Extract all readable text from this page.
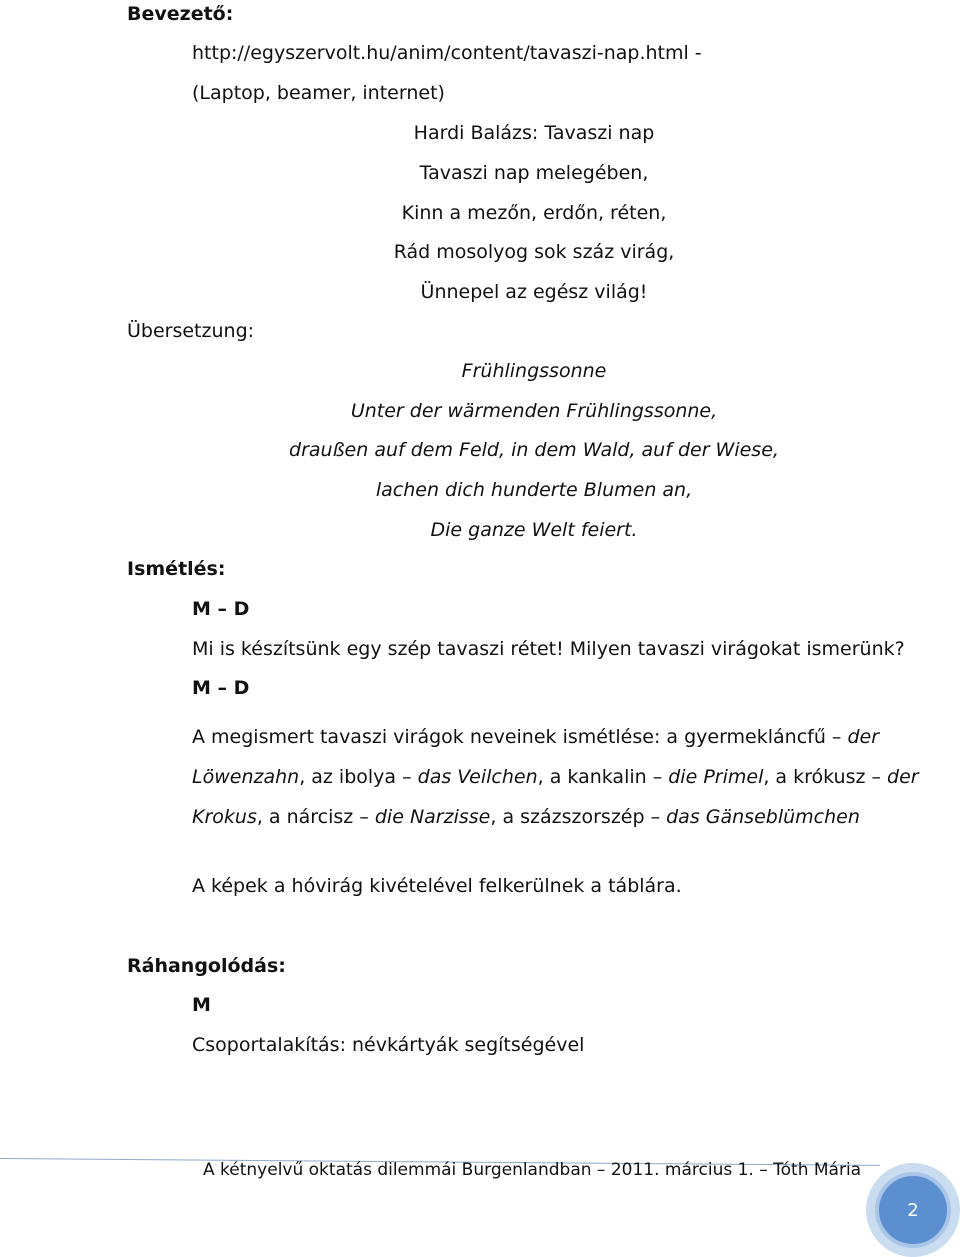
Bevezető:
http://egyszervolt.hu/anim/content/tavaszi-nap.html -
(Laptop, beamer, internet)
Hardi Balázs: Tavaszi nap
Tavaszi nap melegében,
Kinn a mezőn, erdőn, réten,
Rád mosolyog sok száz virág,
Ünnepel az egész világ!
Übersetzung:
Frühlingssonne
Unter der wärmenden Frühlingssonne,
draußen auf dem Feld, in dem Wald, auf der Wiese,
lachen dich hunderte Blumen an,
Die ganze Welt feiert.
Ismétlés:
M – D
Mi is készítsünk egy szép tavaszi rétet! Milyen tavaszi virágokat ismerünk?
M – D
A megismert tavaszi virágok neveinek ismétlése: a gyermekláncfű – der Löwenzahn, az ibolya – das Veilchen, a kankalin – die Primel, a krókusz – der Krokus, a nárcisz – die Narzisse, a százszorszép – das Gänseblümchen
A képek a hóvirág kivételével felkerülnek a táblára.
Ráhangolódás:
M
Csoportalakítás: névkártyák segítségével
A kétnyelvű oktatás dilemmái Burgenlandban – 2011. március 1. – Tóth Mária
2
